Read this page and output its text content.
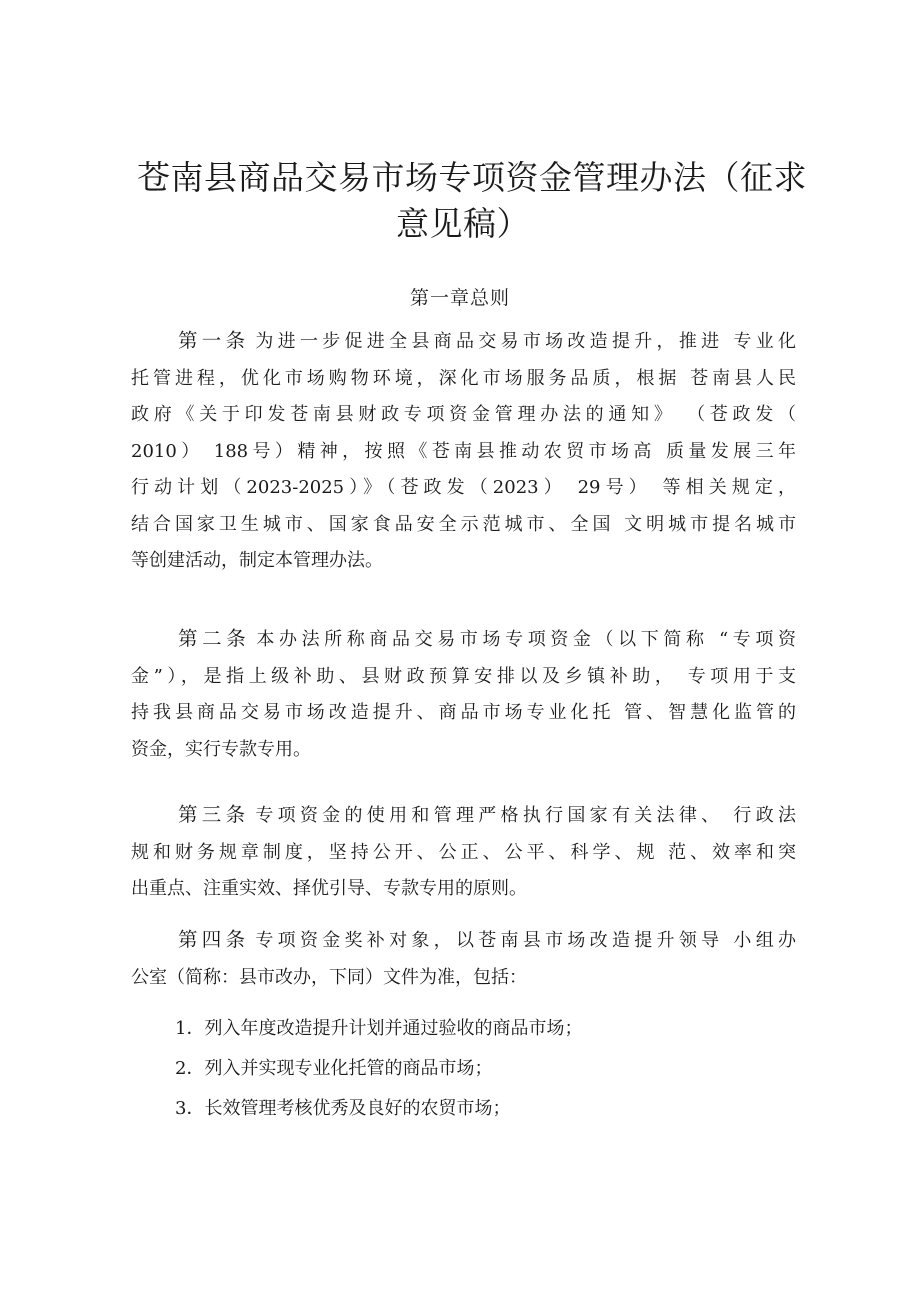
苍南县商品交易市场专项资金管理办法（征求
意见稿）
第一章总则
第一条 为进一步促进全县商品交易市场改造提升，推进 专业化
托管进程，优化市场购物环境，深化市场服务品质，根据 苍南县人民
政府《关于印发苍南县财政专项资金管理办法的通知》 （苍政发（
2010） 188号）精神，按照《苍南县推动农贸市场高 质量发展三年
行动计划（2023-2025）》（苍政发（2023） 29号） 等相关规定，
结合国家卫生城市、国家食品安全示范城市、全国 文明城市提名城市
等创建活动，制定本管理办法。
第二条 本办法所称商品交易市场专项资金（以下简称 “专项资
金”），是指上级补助、县财政预算安排以及乡镇补助， 专项用于支
持我县商品交易市场改造提升、商品市场专业化托 管、智慧化监管的
资金，实行专款专用。
第三条 专项资金的使用和管理严格执行国家有关法律、 行政法
规和财务规章制度，坚持公开、公正、公平、科学、规 范、效率和突
出重点、注重实效、择优引导、专款专用的原则。
第四条 专项资金奖补对象，以苍南县市场改造提升领导 小组办
公室（简称：县市改办，下同）文件为准，包括：

1．列入年度改造提升计划并通过验收的商品市场；

2．列入并实现专业化托管的商品市场；

3．长效管理考核优秀及良好的农贸市场；
